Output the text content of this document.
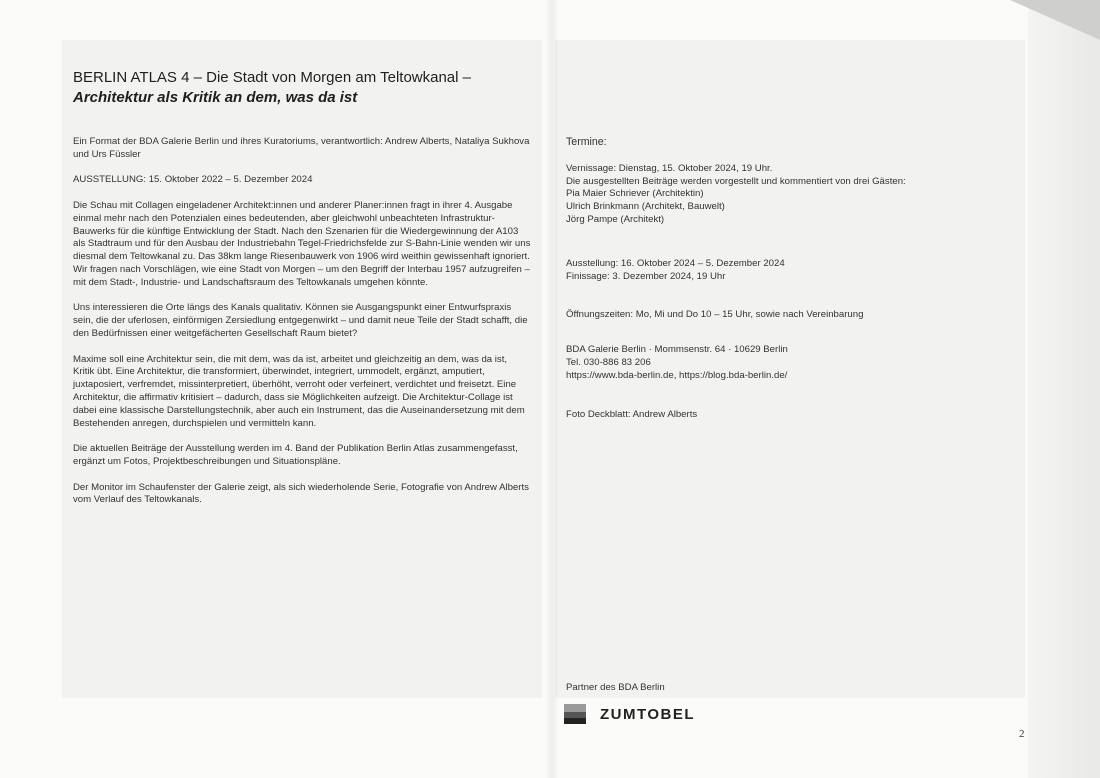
BERLIN ATLAS 4 – Die Stadt von Morgen am Teltowkanal –
Architektur als Kritik an dem, was da ist

Ein Format der BDA Galerie Berlin und ihres Kuratoriums, verantwortlich: Andrew Alberts, Nataliya Sukhova und Urs Füssler

AUSSTELLUNG: 15. Oktober 2022 – 5. Dezember 2024

Die Schau mit Collagen eingeladener Architekt:innen und anderer Planer:innen fragt in ihrer 4. Ausgabe einmal mehr nach den Potenzialen eines bedeutenden, aber gleichwohl unbeachteten Infrastruktur-Bauwerks für die künftige Entwicklung der Stadt. Nach den Szenarien für die Wiedergewinnung der A103 als Stadtraum und für den Ausbau der Industriebahn Tegel-Friedrichsfelde zur S-Bahn-Linie wenden wir uns diesmal dem Teltowkanal zu. Das 38km lange Riesenbauwerk von 1906 wird weithin gewissenhaft ignoriert. Wir fragen nach Vorschlägen, wie eine Stadt von Morgen – um den Begriff der Interbau 1957 aufzugreifen – mit dem Stadt-, Industrie- und Landschaftsraum des Teltowkanals umgehen könnte.

Uns interessieren die Orte längs des Kanals qualitativ. Können sie Ausgangspunkt einer Entwurfspraxis sein, die der uferlosen, einförmigen Zersiedlung entgegenwirkt – und damit neue Teile der Stadt schafft, die den Bedürfnissen einer weitgefächerten Gesellschaft Raum bietet?

Maxime soll eine Architektur sein, die mit dem, was da ist, arbeitet und gleichzeitig an dem, was da ist, Kritik übt. Eine Architektur, die transformiert, überwindet, integriert, ummodelt, ergänzt, amputiert, juxtaposiert, verfremdet, missinterpretiert, überhöht, verroht oder verfeinert, verdichtet und freisetzt. Eine Architektur, die affirmativ kritisiert – dadurch, dass sie Möglichkeiten aufzeigt. Die Architektur-Collage ist dabei eine klassische Darstellungstechnik, aber auch ein Instrument, das die Auseinandersetzung mit dem Bestehenden anregen, durchspielen und vermitteln kann.

Die aktuellen Beiträge der Ausstellung werden im 4. Band der Publikation Berlin Atlas zusammengefasst, ergänzt um Fotos, Projektbeschreibungen und Situationspläne.

Der Monitor im Schaufenster der Galerie zeigt, als sich wiederholende Serie, Fotografie von Andrew Alberts vom Verlauf des Teltowkanals.

Termine:

Vernissage: Dienstag, 15. Oktober 2024, 19 Uhr.

Die ausgestellten Beiträge werden vorgestellt und kommentiert von drei Gästen:

Pia Maier Schriever (Architektin)

Ulrich Brinkmann (Architekt, Bauwelt)

Jörg Pampe (Architekt)

Ausstellung: 16. Oktober 2024 – 5. Dezember 2024

Finissage: 3. Dezember 2024, 19 Uhr

Öffnungszeiten: Mo, Mi und Do 10 – 15 Uhr, sowie nach Vereinbarung

BDA Galerie Berlin · Mommsenstr. 64 · 10629 Berlin

Tel. 030-886 83 206

https://www.bda-berlin.de, https://blog.bda-berlin.de/

Foto Deckblatt: Andrew Alberts

Partner des BDA Berlin
ZUMTOBEL
2
